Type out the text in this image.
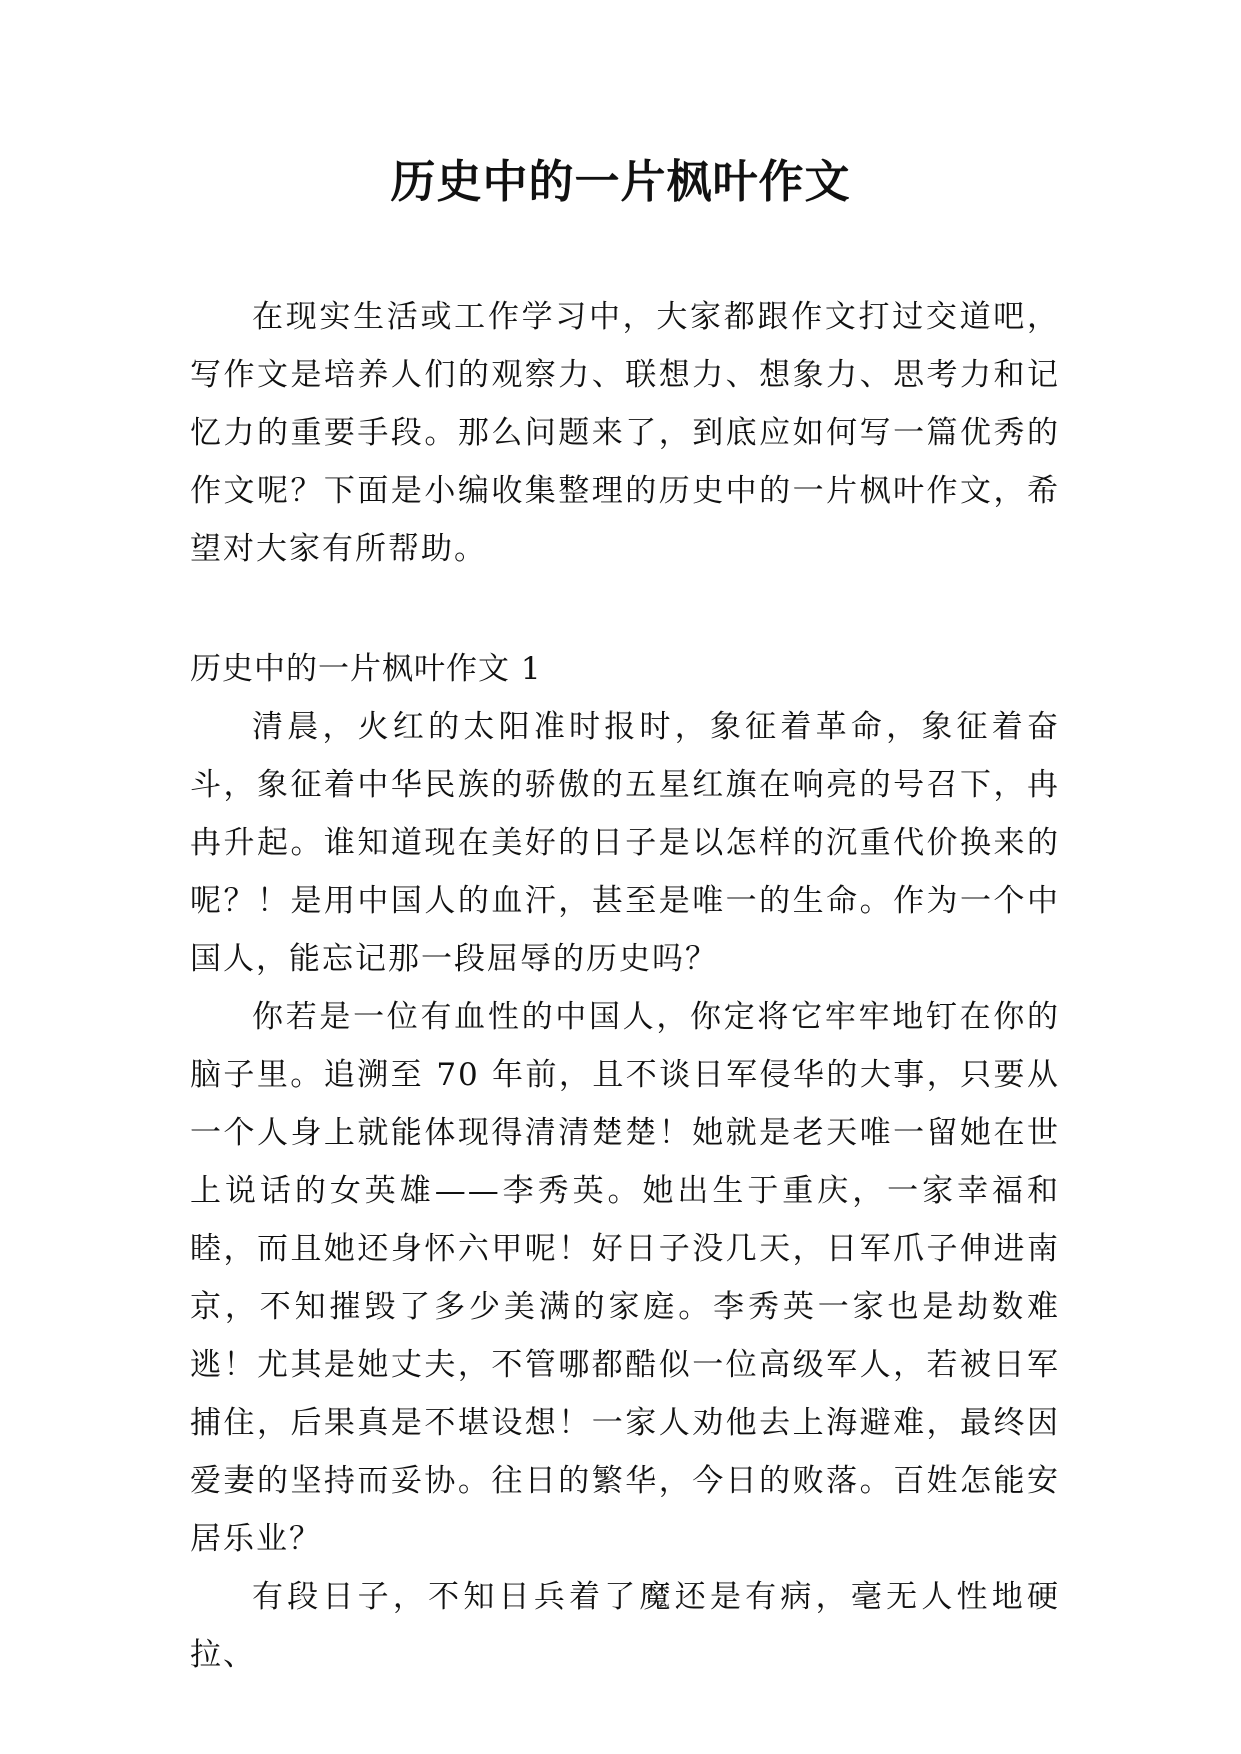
历史中的一片枫叶作文

在现实生活或工作学习中，大家都跟作文打过交道吧，写作文是培养人们的观察力、联想力、想象力、思考力和记忆力的重要手段。那么问题来了，到底应如何写一篇优秀的作文呢？下面是小编收集整理的历史中的一片枫叶作文，希望对大家有所帮助。

历史中的一片枫叶作文 1

清晨，火红的太阳准时报时，象征着革命，象征着奋斗，象征着中华民族的骄傲的五星红旗在响亮的号召下，冉冉升起。谁知道现在美好的日子是以怎样的沉重代价换来的呢？！是用中国人的血汗，甚至是唯一的生命。作为一个中国人，能忘记那一段屈辱的历史吗？

你若是一位有血性的中国人，你定将它牢牢地钉在你的脑子里。追溯至 70 年前，且不谈日军侵华的大事，只要从一个人身上就能体现得清清楚楚！她就是老天唯一留她在世上说话的女英雄——李秀英。她出生于重庆，一家幸福和睦，而且她还身怀六甲呢！好日子没几天，日军爪子伸进南京，不知摧毁了多少美满的家庭。李秀英一家也是劫数难逃！尤其是她丈夫，不管哪都酷似一位高级军人，若被日军捕住，后果真是不堪设想！一家人劝他去上海避难，最终因爱妻的坚持而妥协。往日的繁华，今日的败落。百姓怎能安居乐业？

有段日子，不知日兵着了魔还是有病，毫无人性地硬拉、
